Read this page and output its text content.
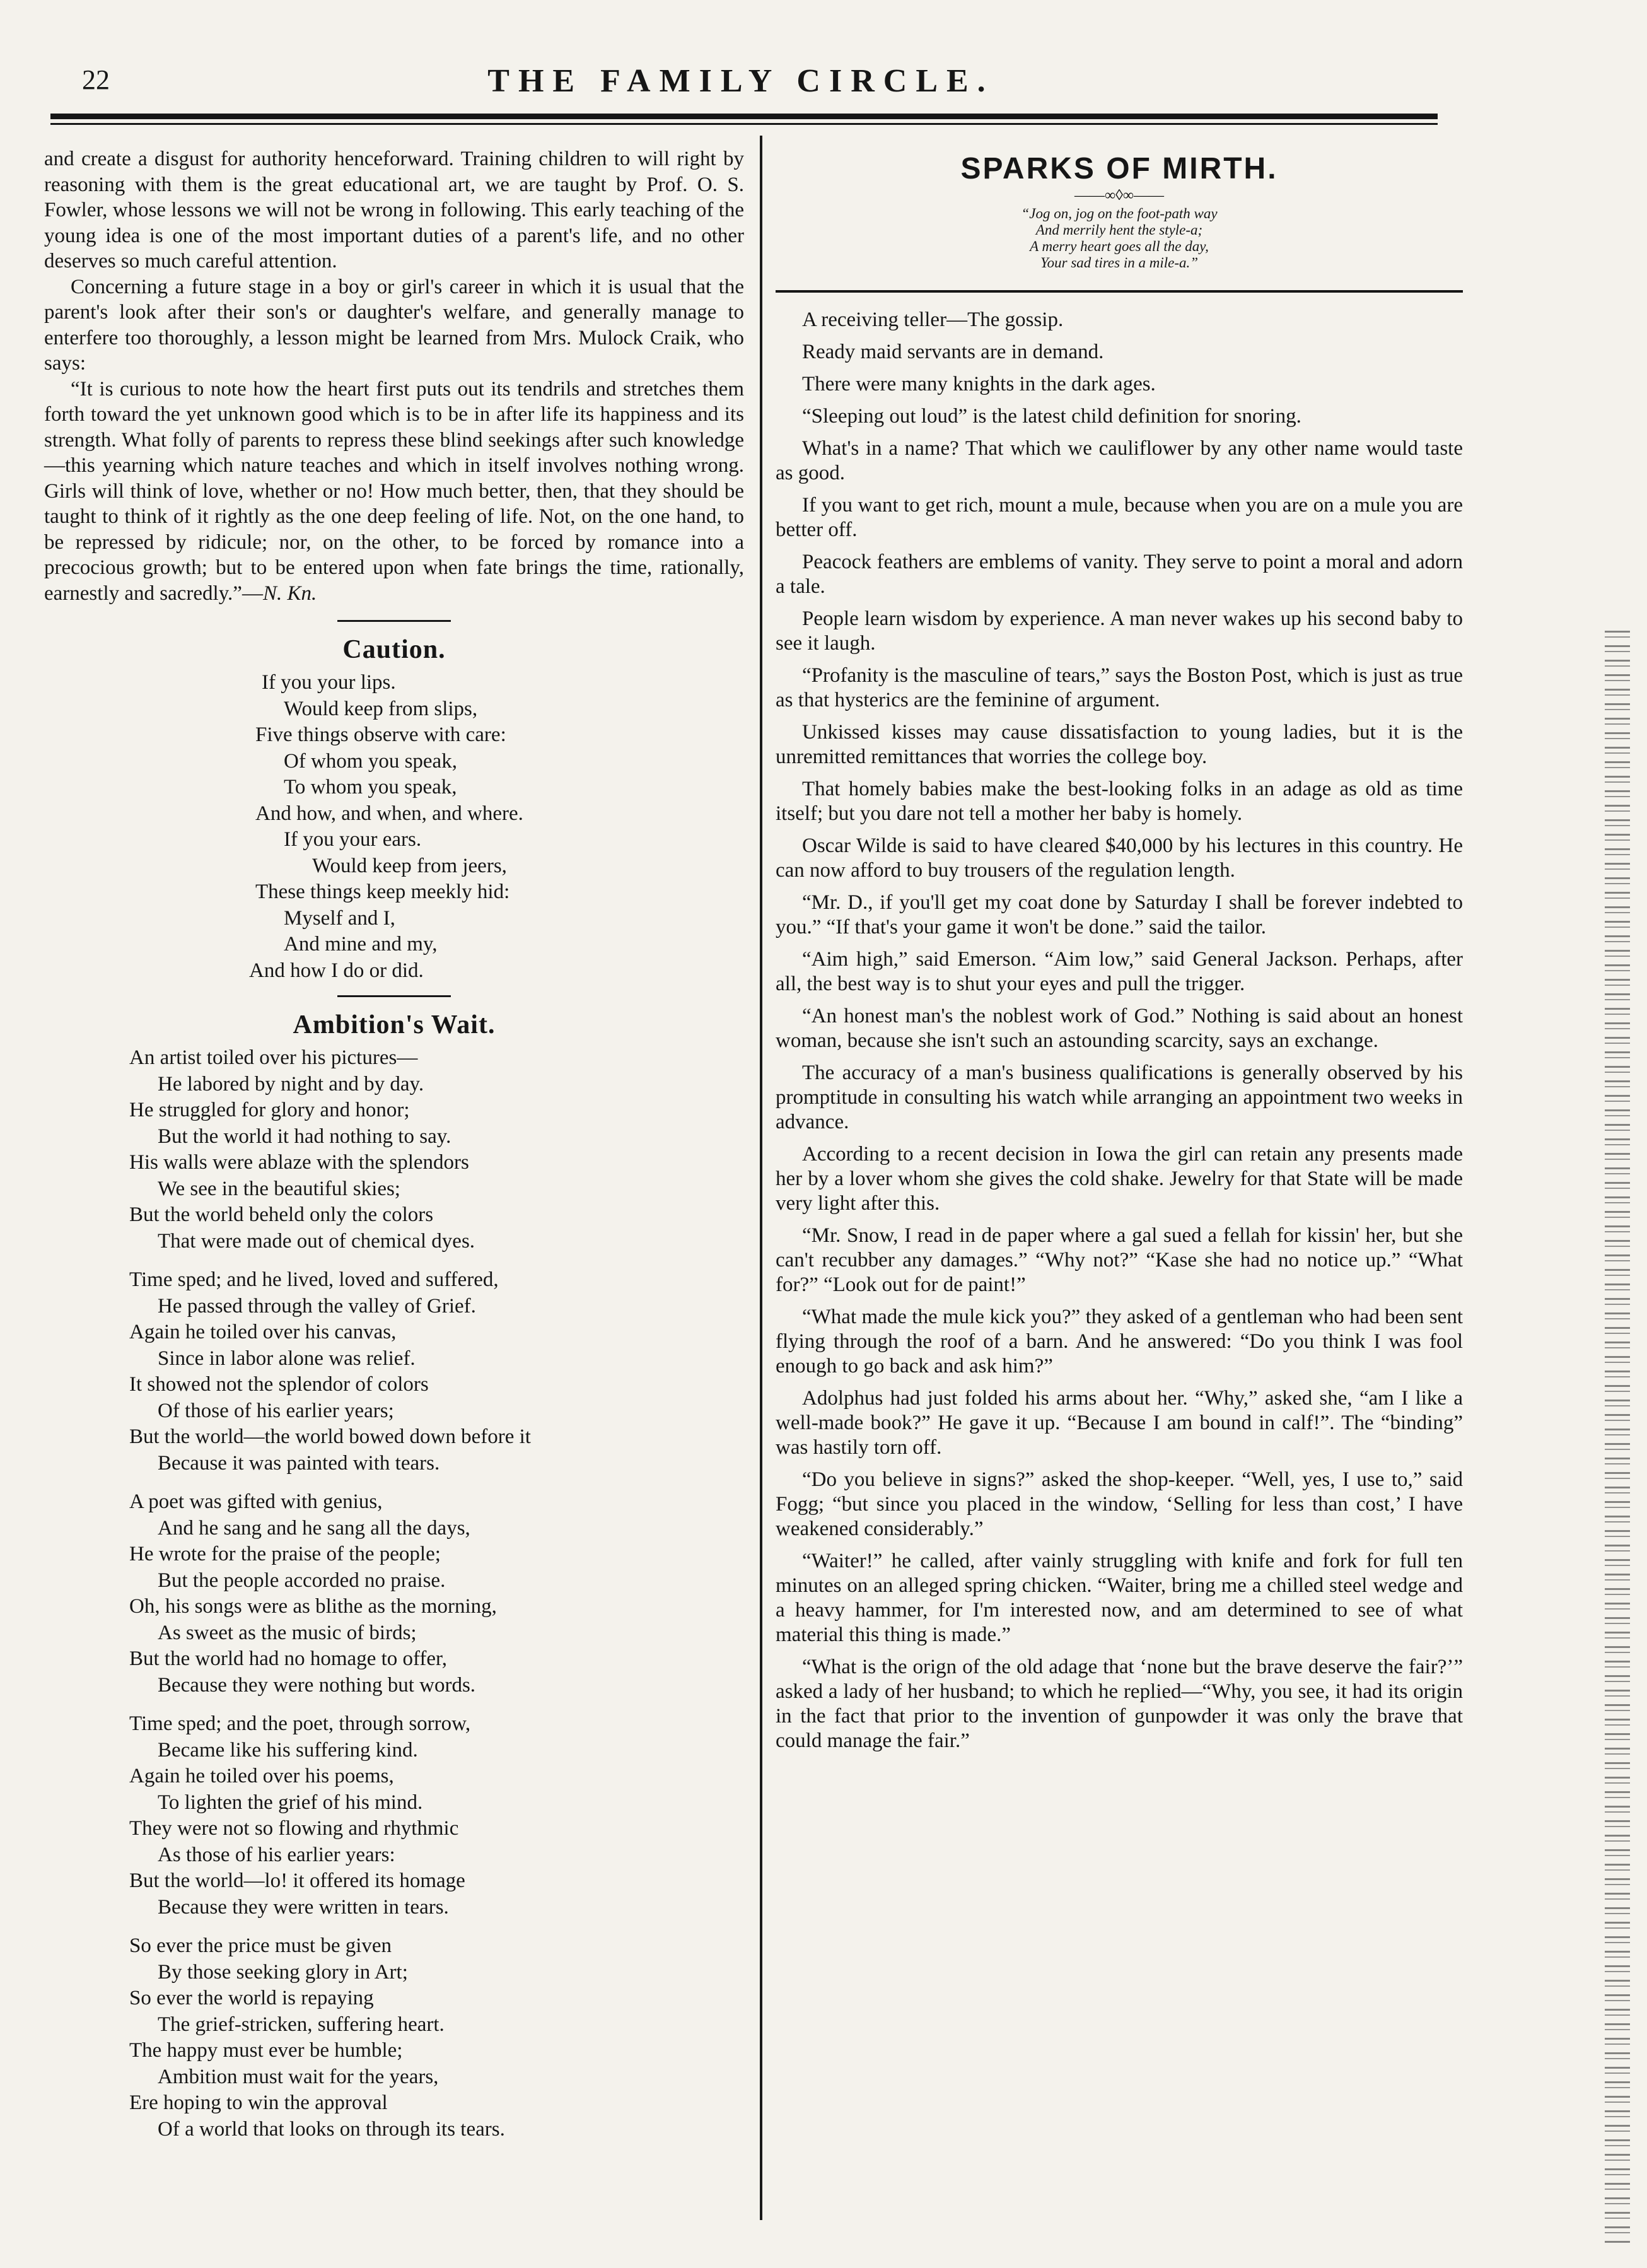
22	THE FAMILY CIRCLE.

and create a disgust for authority henceforward. Training children to will right by reasoning with them is the great educational art, we are taught by Prof. O. S. Fowler, whose lessons we will not be wrong in following. This early teaching of the young idea is one of the most important duties of a parent's life, and no other deserves so much careful attention.

Concerning a future stage in a boy or girl's career in which it is usual that the parent's look after their son's or daughter's welfare, and generally manage to enterfere too thoroughly, a lesson might be learned from Mrs. Mulock Craik, who says:

“It is curious to note how the heart first puts out its tendrils and stretches them forth toward the yet unknown good which is to be in after life its happiness and its strength. What folly of parents to repress these blind seekings after such knowledge—this yearning which nature teaches and which in itself involves nothing wrong. Girls will think of love, whether or no! How much better, then, that they should be taught to think of it rightly as the one deep feeling of life. Not, on the one hand, to be repressed by ridicule; nor, on the other, to be forced by romance into a precocious growth; but to be entered upon when fate brings the time, rationally, earnestly and sacredly.”—N. Kn.

Caution.
If you your lips.
Would keep from slips,
Five things observe with care:
Of whom you speak,
To whom you speak,
And how, and when, and where.
If you your ears.
Would keep from jeers,
These things keep meekly hid:
Myself and I,
And mine and my,
And how I do or did.
Ambition's Wait.
An artist toiled over his pictures—
He labored by night and by day.
He struggled for glory and honor;
But the world it had nothing to say.
His walls were ablaze with the splendors
We see in the beautiful skies;
But the world beheld only the colors
That were made out of chemical dyes.
Time sped; and he lived, loved and suffered,
He passed through the valley of Grief.
Again he toiled over his canvas,
Since in labor alone was relief.
It showed not the splendor of colors
Of those of his earlier years;
But the world—the world bowed down before it
Because it was painted with tears.
A poet was gifted with genius,
And he sang and he sang all the days,
He wrote for the praise of the people;
But the people accorded no praise.
Oh, his songs were as blithe as the morning,
As sweet as the music of birds;
But the world had no homage to offer,
Because they were nothing but words.
Time sped; and the poet, through sorrow,
Became like his suffering kind.
Again he toiled over his poems,
To lighten the grief of his mind.
They were not so flowing and rhythmic
As those of his earlier years:
But the world—lo! it offered its homage
Because they were written in tears.
So ever the price must be given
By those seeking glory in Art;
So ever the world is repaying
The grief-stricken, suffering heart.
The happy must ever be humble;
Ambition must wait for the years,
Ere hoping to win the approval
Of a world that looks on through its tears.
SPARKS OF MIRTH.
——∞◊∞——
“Jog on, jog on the foot-path way
And merrily hent the style-a;
A merry heart goes all the day,
Your sad tires in a mile-a.”

A receiving teller—The gossip.

Ready maid servants are in demand.

There were many knights in the dark ages.

“Sleeping out loud” is the latest child definition for snoring.

What's in a name? That which we cauliflower by any other name would taste as good.

If you want to get rich, mount a mule, because when you are on a mule you are better off.

Peacock feathers are emblems of vanity. They serve to point a moral and adorn a tale.

People learn wisdom by experience. A man never wakes up his second baby to see it laugh.

“Profanity is the masculine of tears,” says the Boston Post, which is just as true as that hysterics are the feminine of argument.

Unkissed kisses may cause dissatisfaction to young ladies, but it is the unremitted remittances that worries the college boy.

That homely babies make the best-looking folks in an adage as old as time itself; but you dare not tell a mother her baby is homely.

Oscar Wilde is said to have cleared $40,000 by his lectures in this country. He can now afford to buy trousers of the regulation length.

“Mr. D., if you'll get my coat done by Saturday I shall be forever indebted to you.” “If that's your game it won't be done.” said the tailor.

“Aim high,” said Emerson. “Aim low,” said General Jackson. Perhaps, after all, the best way is to shut your eyes and pull the trigger.

“An honest man's the noblest work of God.” Nothing is said about an honest woman, because she isn't such an astounding scarcity, says an exchange.

The accuracy of a man's business qualifications is generally observed by his promptitude in consulting his watch while arranging an appointment two weeks in advance.

According to a recent decision in Iowa the girl can retain any presents made her by a lover whom she gives the cold shake. Jewelry for that State will be made very light after this.

“Mr. Snow, I read in de paper where a gal sued a fellah for kissin' her, but she can't recubber any damages.” “Why not?” “Kase she had no notice up.” “What for?” “Look out for de paint!”

“What made the mule kick you?” they asked of a gentleman who had been sent flying through the roof of a barn. And he answered: “Do you think I was fool enough to go back and ask him?”

Adolphus had just folded his arms about her. “Why,” asked she, “am I like a well-made book?” He gave it up. “Because I am bound in calf!”. The “binding” was hastily torn off.

“Do you believe in signs?” asked the shop-keeper. “Well, yes, I use to,” said Fogg; “but since you placed in the window, ‘Selling for less than cost,’ I have weakened considerably.”

“Waiter!” he called, after vainly struggling with knife and fork for full ten minutes on an alleged spring chicken. “Waiter, bring me a chilled steel wedge and a heavy hammer, for I'm interested now, and am determined to see of what material this thing is made.”

“What is the orign of the old adage that ‘none but the brave deserve the fair?’” asked a lady of her husband; to which he replied—“Why, you see, it had its origin in the fact that prior to the invention of gunpowder it was only the brave that could manage the fair.”
